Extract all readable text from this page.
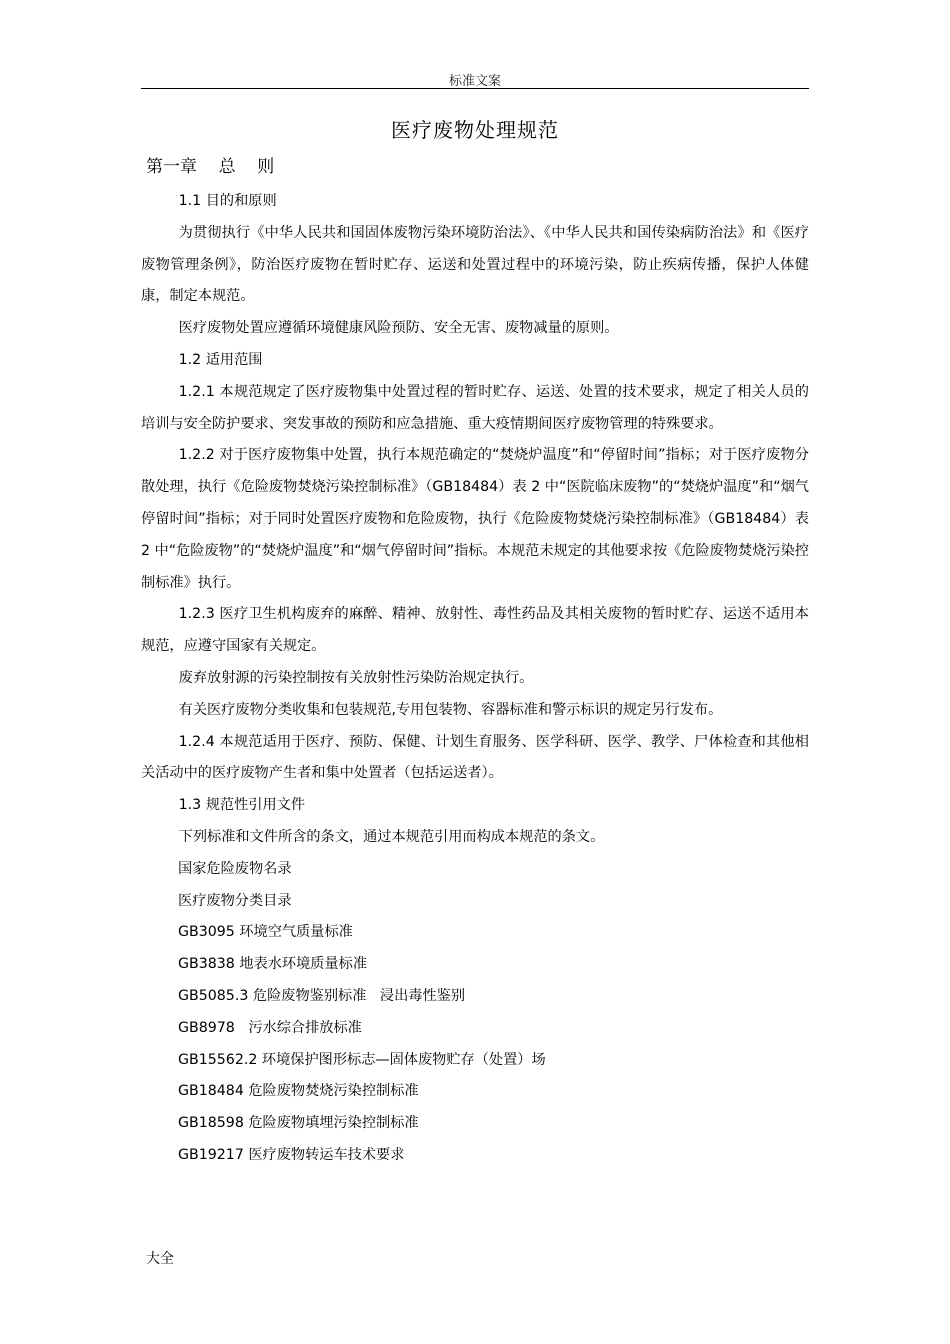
标准文案
医疗废物处理规范
第一章    总    则

1.1 目的和原则

为贯彻执行《中华人民共和国固体废物污染环境防治法》、《中华人民共和国传染病防治法》和《医疗废物管理条例》，防治医疗废物在暂时贮存、运送和处置过程中的环境污染，防止疾病传播，保护人体健康，制定本规范。

医疗废物处置应遵循环境健康风险预防、安全无害、废物减量的原则。

1.2 适用范围

1.2.1 本规范规定了医疗废物集中处置过程的暂时贮存、运送、处置的技术要求，规定了相关人员的培训与安全防护要求、突发事故的预防和应急措施、重大疫情期间医疗废物管理的特殊要求。

1.2.2 对于医疗废物集中处置，执行本规范确定的“焚烧炉温度”和“停留时间”指标；对于医疗废物分散处理，执行《危险废物焚烧污染控制标准》（GB18484）表 2 中“医院临床废物”的“焚烧炉温度”和“烟气停留时间”指标；对于同时处置医疗废物和危险废物，执行《危险废物焚烧污染控制标准》（GB18484）表 2 中“危险废物”的“焚烧炉温度”和“烟气停留时间”指标。本规范未规定的其他要求按《危险废物焚烧污染控制标准》执行。

1.2.3 医疗卫生机构废弃的麻醉、精神、放射性、毒性药品及其相关废物的暂时贮存、运送不适用本规范，应遵守国家有关规定。

废弃放射源的污染控制按有关放射性污染防治规定执行。

有关医疗废物分类收集和包装规范,专用包装物、容器标准和警示标识的规定另行发布。

1.2.4 本规范适用于医疗、预防、保健、计划生育服务、医学科研、医学、教学、尸体检查和其他相关活动中的医疗废物产生者和集中处置者（包括运送者）。

1.3 规范性引用文件

下列标准和文件所含的条文，通过本规范引用而构成本规范的条文。

国家危险废物名录

医疗废物分类目录

GB3095 环境空气质量标准

GB3838 地表水环境质量标准

GB5085.3 危险废物鉴别标准   浸出毒性鉴别

GB8978   污水综合排放标准

GB15562.2 环境保护图形标志—固体废物贮存（处置）场

GB18484 危险废物焚烧污染控制标准

GB18598 危险废物填埋污染控制标准

GB19217 医疗废物转运车技术要求

大全
